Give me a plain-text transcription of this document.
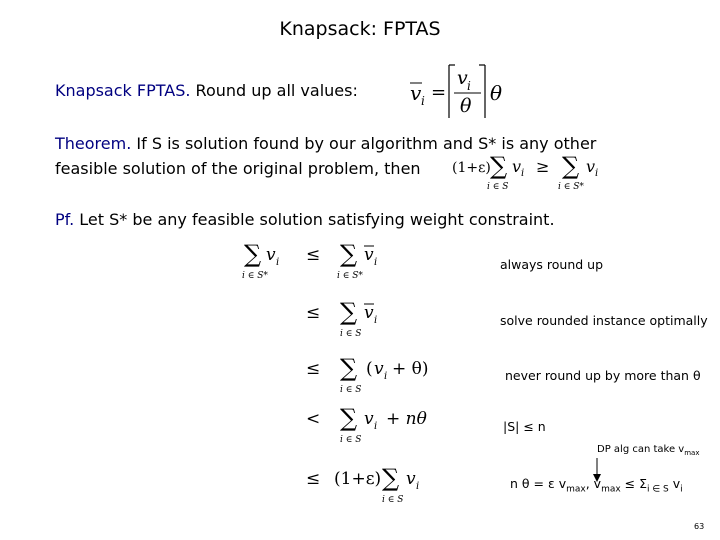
Knapsack: FPTAS
Knapsack FPTAS. Round up all values:	v i =
v i
θ
θ
Theorem. If S is solution found by our algorithm and S* is any other
feasible solution of the original problem, then (1+ε) ∑
i ∈ S
v i ≥ ∑
i ∈ S*
v i
Pf. Let S* be any feasible solution satisfying weight constraint.
∑
i ∈ S*
v i ≤ ∑
i ∈ S*
v i
≤ ∑
i ∈ S
v i
≤ ∑
i ∈ S
( v i + θ)
< ∑
i ∈ S
v i + nθ
≤ (1+ε) ∑
i ∈ S
v i
always round up
solve rounded instance optimally
never round up by more than θ
|S| ≤ n
DP alg can take $v_{max}$
n θ = ε $v_{max}$, $v_{max} \le \Sigma_{i \in S}$ $v_i$
63
